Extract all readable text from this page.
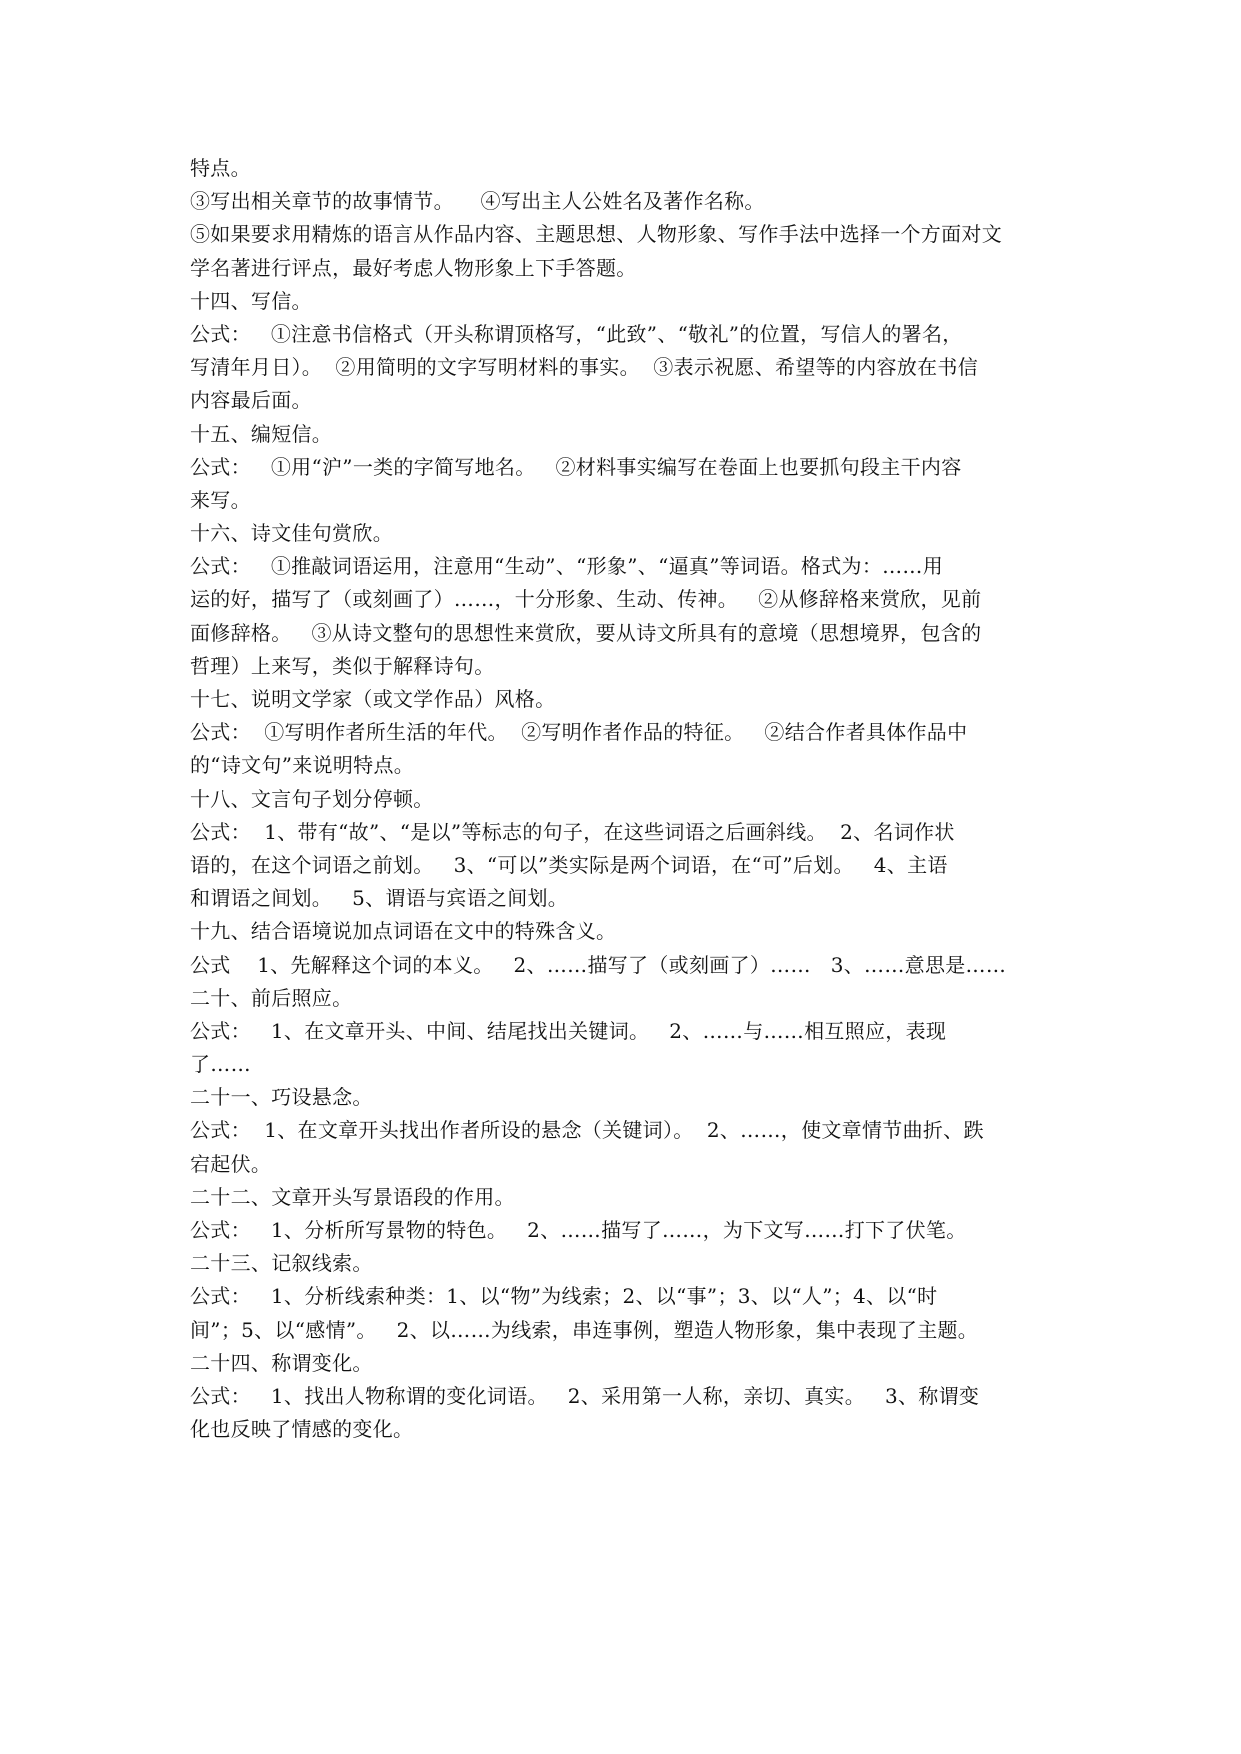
特点。
③写出相关章节的故事情节。    ④写出主人公姓名及著作名称。
⑤如果要求用精炼的语言从作品内容、主题思想、人物形象、写作手法中选择一个方面对文
学名著进行评点，最好考虑人物形象上下手答题。
十四、写信。
公式：   ①注意书信格式（开头称谓顶格写，“此致”、“敬礼”的位置，写信人的署名，
写清年月日）。  ②用简明的文字写明材料的事实。  ③表示祝愿、希望等的内容放在书信
内容最后面。
十五、编短信。
公式：   ①用“沪”一类的字简写地名。   ②材料事实编写在卷面上也要抓句段主干内容
来写。
十六、诗文佳句赏欣。
公式：   ①推敲词语运用，注意用“生动”、“形象”、“逼真”等词语。格式为：……用
运的好，描写了（或刻画了）……，十分形象、生动、传神。   ②从修辞格来赏欣，见前
面修辞格。   ③从诗文整句的思想性来赏欣，要从诗文所具有的意境（思想境界，包含的
哲理）上来写，类似于解释诗句。
十七、说明文学家（或文学作品）风格。
公式：  ①写明作者所生活的年代。  ②写明作者作品的特征。   ②结合作者具体作品中
的“诗文句”来说明特点。
十八、文言句子划分停顿。
公式：  1、带有“故”、“是以”等标志的句子，在这些词语之后画斜线。  2、名词作状
语的，在这个词语之前划。   3、“可以”类实际是两个词语，在“可”后划。   4、主语
和谓语之间划。   5、谓语与宾语之间划。
十九、结合语境说加点词语在文中的特殊含义。
公式    1、先解释这个词的本义。   2、……描写了（或刻画了）……   3、……意思是……
二十、前后照应。
公式：   1、在文章开头、中间、结尾找出关键词。   2、……与……相互照应，表现
了……
二十一、巧设悬念。
公式：  1、在文章开头找出作者所设的悬念（关键词）。  2、……，使文章情节曲折、跌
宕起伏。
二十二、文章开头写景语段的作用。
公式：   1、分析所写景物的特色。   2、……描写了……，为下文写……打下了伏笔。
二十三、记叙线索。
公式：   1、分析线索种类：1、以“物”为线索；2、以“事”；3、以“人”；4、以“时
间”；5、以“感情”。   2、以……为线索，串连事例，塑造人物形象，集中表现了主题。
二十四、称谓变化。
公式：   1、找出人物称谓的变化词语。   2、采用第一人称，亲切、真实。   3、称谓变
化也反映了情感的变化。
